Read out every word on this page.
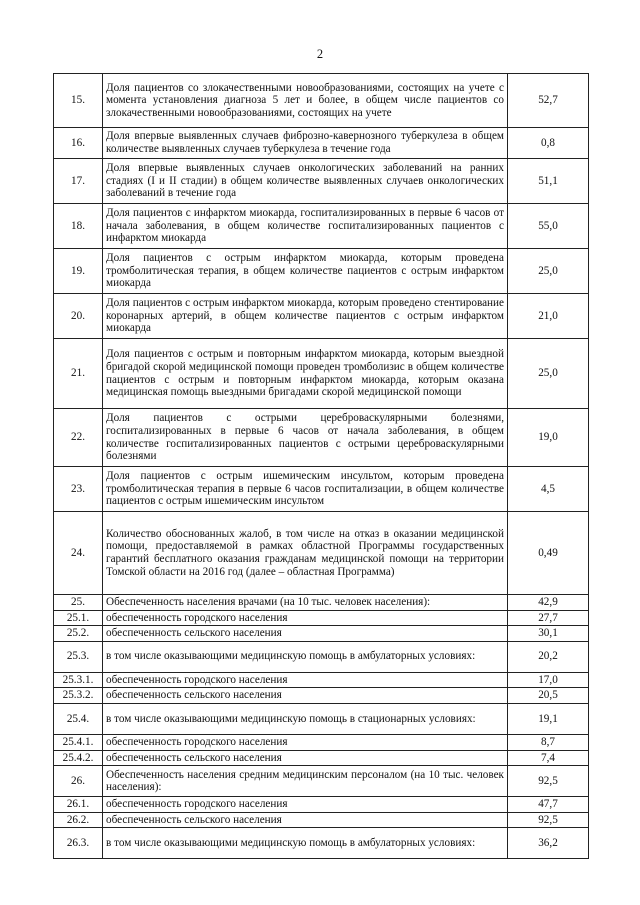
2
15.	Доля пациентов со злокачественными новообразованиями, состоящих на учете с момента установления диагноза 5 лет и более, в общем числе пациентов со злокачественными новообразованиями, состоящих на учете	52,7
16.	Доля впервые выявленных случаев фиброзно-кавернозного туберкулеза в общем количестве выявленных случаев туберкулеза в течение года	0,8
17.	Доля впервые выявленных случаев онкологических заболеваний на ранних стадиях (I и II стадии) в общем количестве выявленных случаев онкологических заболеваний в течение года	51,1
18.	Доля пациентов с инфарктом миокарда, госпитализированных в первые 6 часов от начала заболевания, в общем количестве госпитализированных пациентов с инфарктом миокарда	55,0
19.	Доля пациентов с острым инфарктом миокарда, которым проведена тромболитическая терапия, в общем количестве пациентов с острым инфарктом миокарда	25,0
20.	Доля пациентов с острым инфарктом миокарда, которым проведено стентирование коронарных артерий, в общем количестве пациентов с острым инфарктом миокарда	21,0
21.	Доля пациентов с острым и повторным инфарктом миокарда, которым выездной бригадой скорой медицинской помощи проведен тромболизис в общем количестве пациентов с острым и повторным инфарктом миокарда, которым оказана медицинская помощь выездными бригадами скорой медицинской помощи	25,0
22.	Доля пациентов с острыми цереброваскулярными болезнями, госпитализированных в первые 6 часов от начала заболевания, в общем количестве госпитализированных пациентов с острыми цереброваскулярными болезнями	19,0
23.	Доля пациентов с острым ишемическим инсультом, которым проведена тромболитическая терапия в первые 6 часов госпитализации, в общем количестве пациентов с острым ишемическим инсультом	4,5
24.	Количество обоснованных жалоб, в том числе на отказ в оказании медицинской помощи, предоставляемой в рамках областной Программы государственных гарантий бесплатного оказания гражданам медицинской помощи на территории Томской области на 2016 год (далее – областная Программа)	0,49
25.	Обеспеченность населения врачами (на 10 тыс. человек населения):	42,9
25.1.	обеспеченность городского населения	27,7
25.2.	обеспеченность сельского населения	30,1
25.3.	в том числе оказывающими медицинскую помощь в амбулаторных условиях:	20,2
25.3.1.	обеспеченность городского населения	17,0
25.3.2.	обеспеченность сельского населения	20,5
25.4.	в том числе оказывающими медицинскую помощь в стационарных условиях:	19,1
25.4.1.	обеспеченность городского населения	8,7
25.4.2.	обеспеченность сельского населения	7,4
26.	Обеспеченность населения средним медицинским персоналом (на 10 тыс. человек населения):	92,5
26.1.	обеспеченность городского населения	47,7
26.2.	обеспеченность сельского населения	92,5
26.3.	в том числе оказывающими медицинскую помощь в амбулаторных условиях:	36,2
